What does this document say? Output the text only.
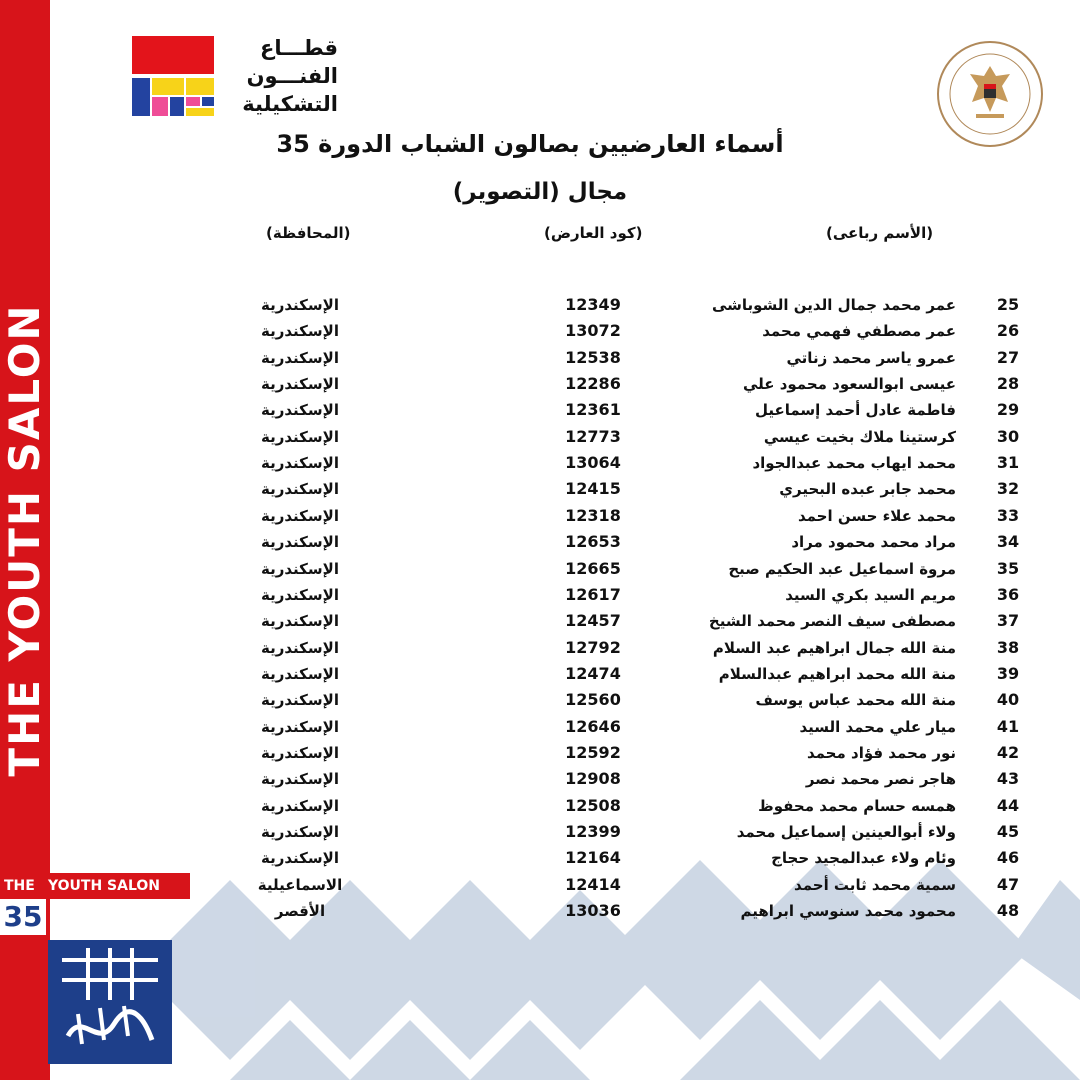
THE YOUTH SALON
قطـــاع
الفنـــون
التشكيلية
أسماء العارضيين بصالون الشباب الدورة 35
مجال (التصوير)
(الأسم رباعى)
(كود العارض)
(المحافظة)
25
عمر محمد جمال الدين الشوباشى
12349
الإسكندرية
26
عمر مصطفي فهمي محمد
13072
الإسكندرية
27
عمرو ياسر محمد زناتي
12538
الإسكندرية
28
عيسى ابوالسعود محمود علي
12286
الإسكندرية
29
فاطمة عادل أحمد إسماعيل
12361
الإسكندرية
30
كرستينا ملاك بخيت عيسي
12773
الإسكندرية
31
محمد ايهاب محمد عبدالجواد
13064
الإسكندرية
32
محمد جابر عبده البحيري
12415
الإسكندرية
33
محمد علاء حسن احمد
12318
الإسكندرية
34
مراد محمد محمود مراد
12653
الإسكندرية
35
مروة اسماعيل عبد الحكيم صبح
12665
الإسكندرية
36
مريم السيد بكري السيد
12617
الإسكندرية
37
مصطفى سيف النصر محمد الشيخ
12457
الإسكندرية
38
منة الله جمال ابراهيم عبد السلام
12792
الإسكندرية
39
منة الله محمد ابراهيم عبدالسلام
12474
الإسكندرية
40
منة الله محمد عباس يوسف
12560
الإسكندرية
41
ميار علي محمد السيد
12646
الإسكندرية
42
نور محمد فؤاد محمد
12592
الإسكندرية
43
هاجر نصر محمد نصر
12908
الإسكندرية
44
همسه حسام محمد محفوظ
12508
الإسكندرية
45
ولاء أبوالعينين إسماعيل محمد
12399
الإسكندرية
46
وئام ولاء عبدالمجيد حجاج
12164
الإسكندرية
47
سمية محمد ثابت أحمد
12414
الاسماعيلية
48
محمود محمد سنوسي ابراهيم
13036
الأقصر
THE YOUTH SALON
35
